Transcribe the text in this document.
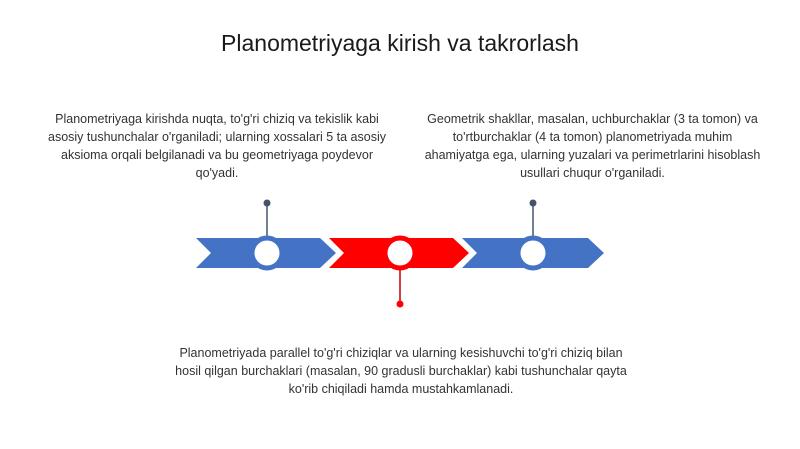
Planometriyaga kirish va takrorlash
Planometriyaga kirishda nuqta, to'g'ri chiziq va tekislik kabi asosiy tushunchalar o'rganiladi; ularning xossalari 5 ta asosiy aksioma orqali belgilanadi va bu geometriyaga poydevor qo'yadi.
Geometrik shakllar, masalan, uchburchaklar (3 ta tomon) va to'rtburchaklar (4 ta tomon) planometriyada muhim ahamiyatga ega, ularning yuzalari va perimetrlarini hisoblash usullari chuqur o'rganiladi.
Planometriyada parallel to'g'ri chiziqlar va ularning kesishuvchi to'g'ri chiziq bilan hosil qilgan burchaklari (masalan, 90 gradusli burchaklar) kabi tushunchalar qayta ko'rib chiqiladi hamda mustahkamlanadi.
